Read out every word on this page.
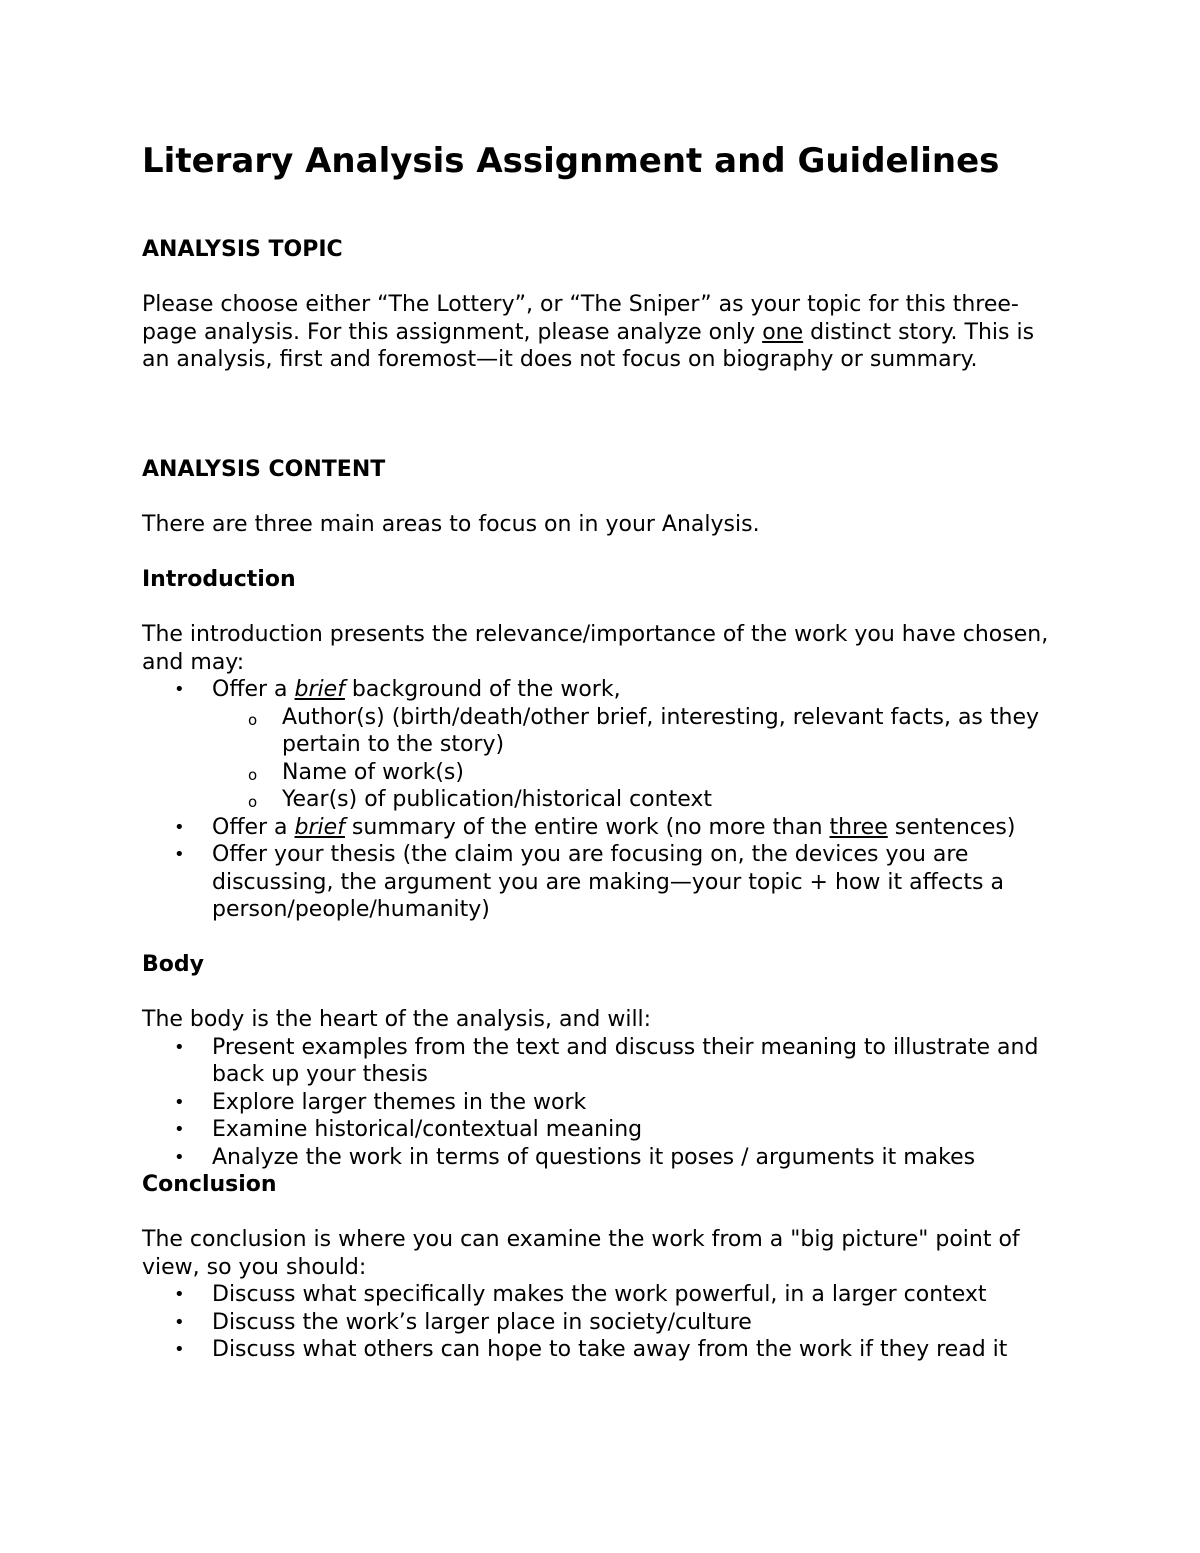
Literary Analysis Assignment and Guidelines

ANALYSIS TOPIC

Please choose either “The Lottery”, or “The Sniper” as your topic for this three-page analysis. For this assignment, please analyze only one distinct story. This is an analysis, first and foremost—it does not focus on biography or summary.

ANALYSIS CONTENT

There are three main areas to focus on in your Analysis.

Introduction

The introduction presents the relevance/importance of the work you have chosen, and may:

• Offer a brief background of the work,
o Author(s) (birth/death/other brief, interesting, relevant facts, as they pertain to the story)
o Name of work(s)
o Year(s) of publication/historical context
• Offer a brief summary of the entire work (no more than three sentences)
• Offer your thesis (the claim you are focusing on, the devices you are discussing, the argument you are making—your topic + how it affects a person/people/humanity)

Body

The body is the heart of the analysis, and will:

• Present examples from the text and discuss their meaning to illustrate and back up your thesis
• Explore larger themes in the work
• Examine historical/contextual meaning
• Analyze the work in terms of questions it poses / arguments it makes

Conclusion

The conclusion is where you can examine the work from a "big picture" point of view, so you should:

• Discuss what specifically makes the work powerful, in a larger context
• Discuss the work’s larger place in society/culture
• Discuss what others can hope to take away from the work if they read it
